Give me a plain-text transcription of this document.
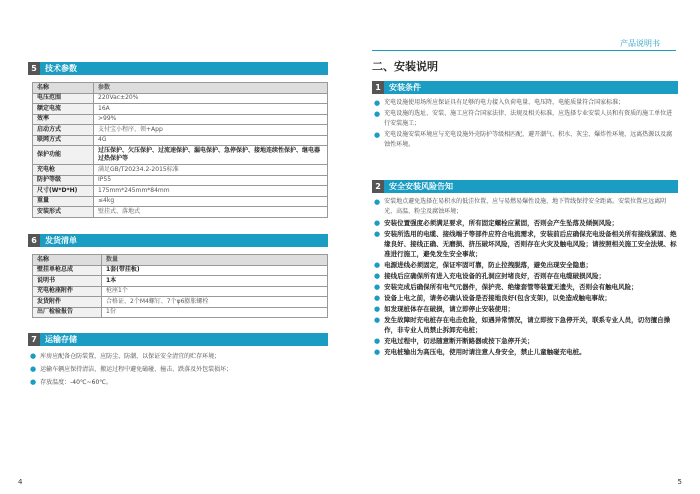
5	技术参数
名称	参数
电压范围	220Vac±20%
额定电流	16A
效率	>99%
启动方式	支付宝小程序、领+App
联网方式	4G
保护功能	过压保护、欠压保护、过流速保护、漏电保护、急停保护、接地连续性保护、继电器过热保护等
充电枪	满足GB/T20234.2-2015标准
防护等级	IP55
尺寸(W*D*H)	175mm*245mm*84mm
重量	≤4kg
安装形式	壁挂式、落地式
6	发货清单
名称	数量
壁挂单枪总成	1套(带挂板)
说明书	1本
充电枪座附件	枪座1个
发货附件	合格证、2个M4螺钉、7个φ6膨胀螺栓
出厂检验报告	1份
7	运输存储
● 库房应配备仓防装置，应防尘、防潮，以保证安全清宜的贮存环境；
● 运输车辆应保持清洁，搬运过程中避免磕碰、撞击、跌落及外包装损坏；
● 存放温度：-40℃~60℃。
4
产品说明书
二、安装说明
1	安装条件
● 充电设施使用场所应保证具有足够的电力接入负荷电量、电压降，电能质量符合国家标准；
● 充电设施的选址、安装、施工应符合国家法律、法规及相关标准，应选择专业安装人员和有资质的施工单位进行安装施工；
● 充电设施安装环境应与充电设施外壳防护等级相匹配，避开潮气、积水、灰尘、爆炸性环境，远离热源以及腐蚀性环境。
2	安全安装风险告知
● 安装地点避免选择在易积水的低洼位置，应与易燃易爆性设施、地下管线保持安全距离。安装位置应远离阴光、高温、粉尘及腐蚀环境；
● 安装位置强度必须满足要求，所有固定螺栓应紧固，否则会产生坠落及倾倒风险；
● 安装所选用的电缆、接线端子等部件应符合电流需求，安装前后应确保充电设备相关所有接线紧固、绝缘良好、接线正确、无磨损、挤压破坏风险，否则存在火灾及触电风险；请按照相关施工安全法规、标准进行施工，避免发生安全事故；
● 电源进线必须固定，保证牢固可靠，防止拉拽脱落，避免出现安全隐患；
● 接线后应确保所有进入充电设备的孔洞应封堵良好，否则存在电缆破损风险；
● 安装完成后确保所有电气元器件，保护壳、绝缘套管等装置无遗失，否则会有触电风险；
● 设备上电之前，请务必确认设备是否接地良好(包含支架)，以免造成触电事故；
● 如发现桩体存在破损，请立即停止安装使用；
● 发生故障时充电桩存在电击危险，如遇异常情况，请立即按下急停开关，联系专业人员，切勿擅自操作，非专业人员禁止拆卸充电桩；
● 充电过程中，切忌随意断开断路器或按下急停开关；
● 充电桩输出为高压电，使用时请注意人身安全，禁止儿童触碰充电桩。
5
